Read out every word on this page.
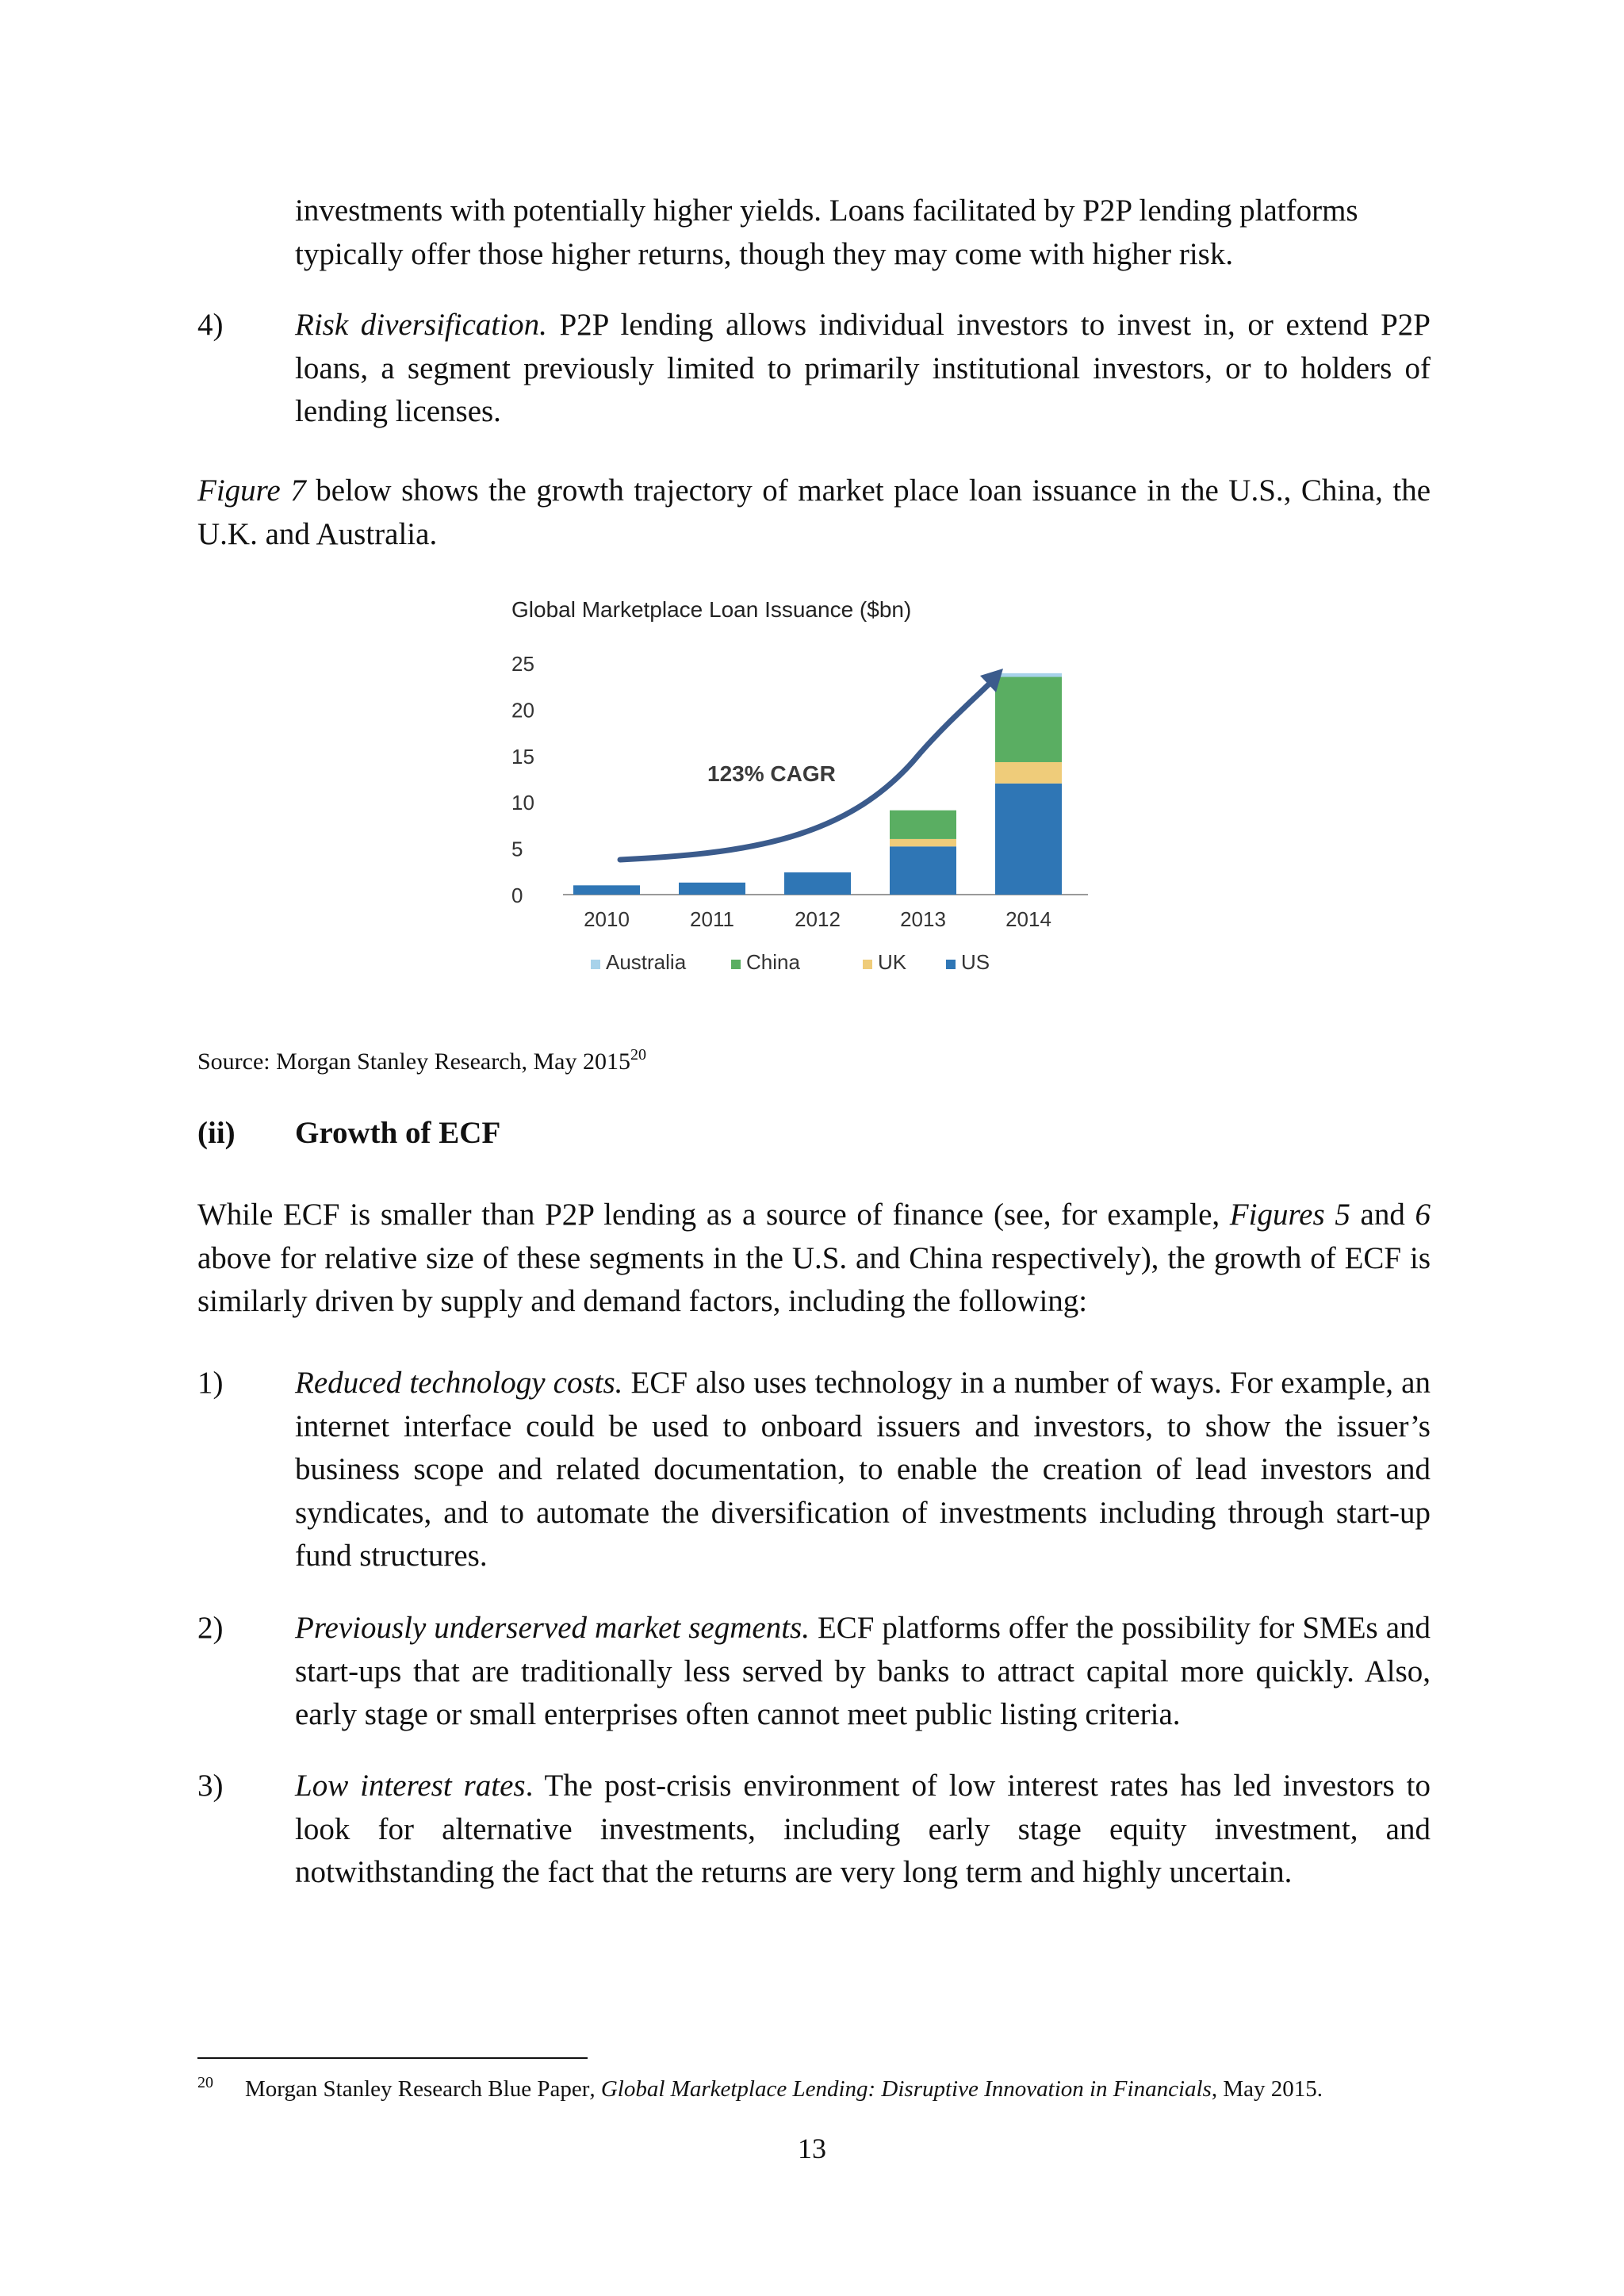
investments with potentially higher yields. Loans facilitated by P2P lending platforms
typically offer those higher returns, though they may come with higher risk.
4) Risk diversification. P2P lending allows individual investors to invest in, or extend P2P loans, a segment previously limited to primarily institutional investors, or to holders of lending licenses.
Figure 7 below shows the growth trajectory of market place loan issuance in the U.S., China, the U.K. and Australia.
Global Marketplace Loan Issuance ($bn)
0
5
10
15
20
25
123% CAGR
2010	2011	2012	2013	2014
Australia	China	UK	US
Source: Morgan Stanley Research, May 2015$^{20}$
(ii) Growth of ECF
While ECF is smaller than P2P lending as a source of finance (see, for example, Figures 5 and 6 above for relative size of these segments in the U.S. and China respectively), the growth of ECF is similarly driven by supply and demand factors, including the following:
1) Reduced technology costs. ECF also uses technology in a number of ways. For example, an internet interface could be used to onboard issuers and investors, to show the issuer’s business scope and related documentation, to enable the creation of lead investors and syndicates, and to automate the diversification of investments including through start-up fund structures.
2) Previously underserved market segments. ECF platforms offer the possibility for SMEs and start-ups that are traditionally less served by banks to attract capital more quickly. Also, early stage or small enterprises often cannot meet public listing criteria.
3) Low interest rates. The post-crisis environment of low interest rates has led investors to look for alternative investments, including early stage equity investment, and notwithstanding the fact that the returns are very long term and highly uncertain.
20 Morgan Stanley Research Blue Paper, Global Marketplace Lending: Disruptive Innovation in Financials, May 2015.
13
